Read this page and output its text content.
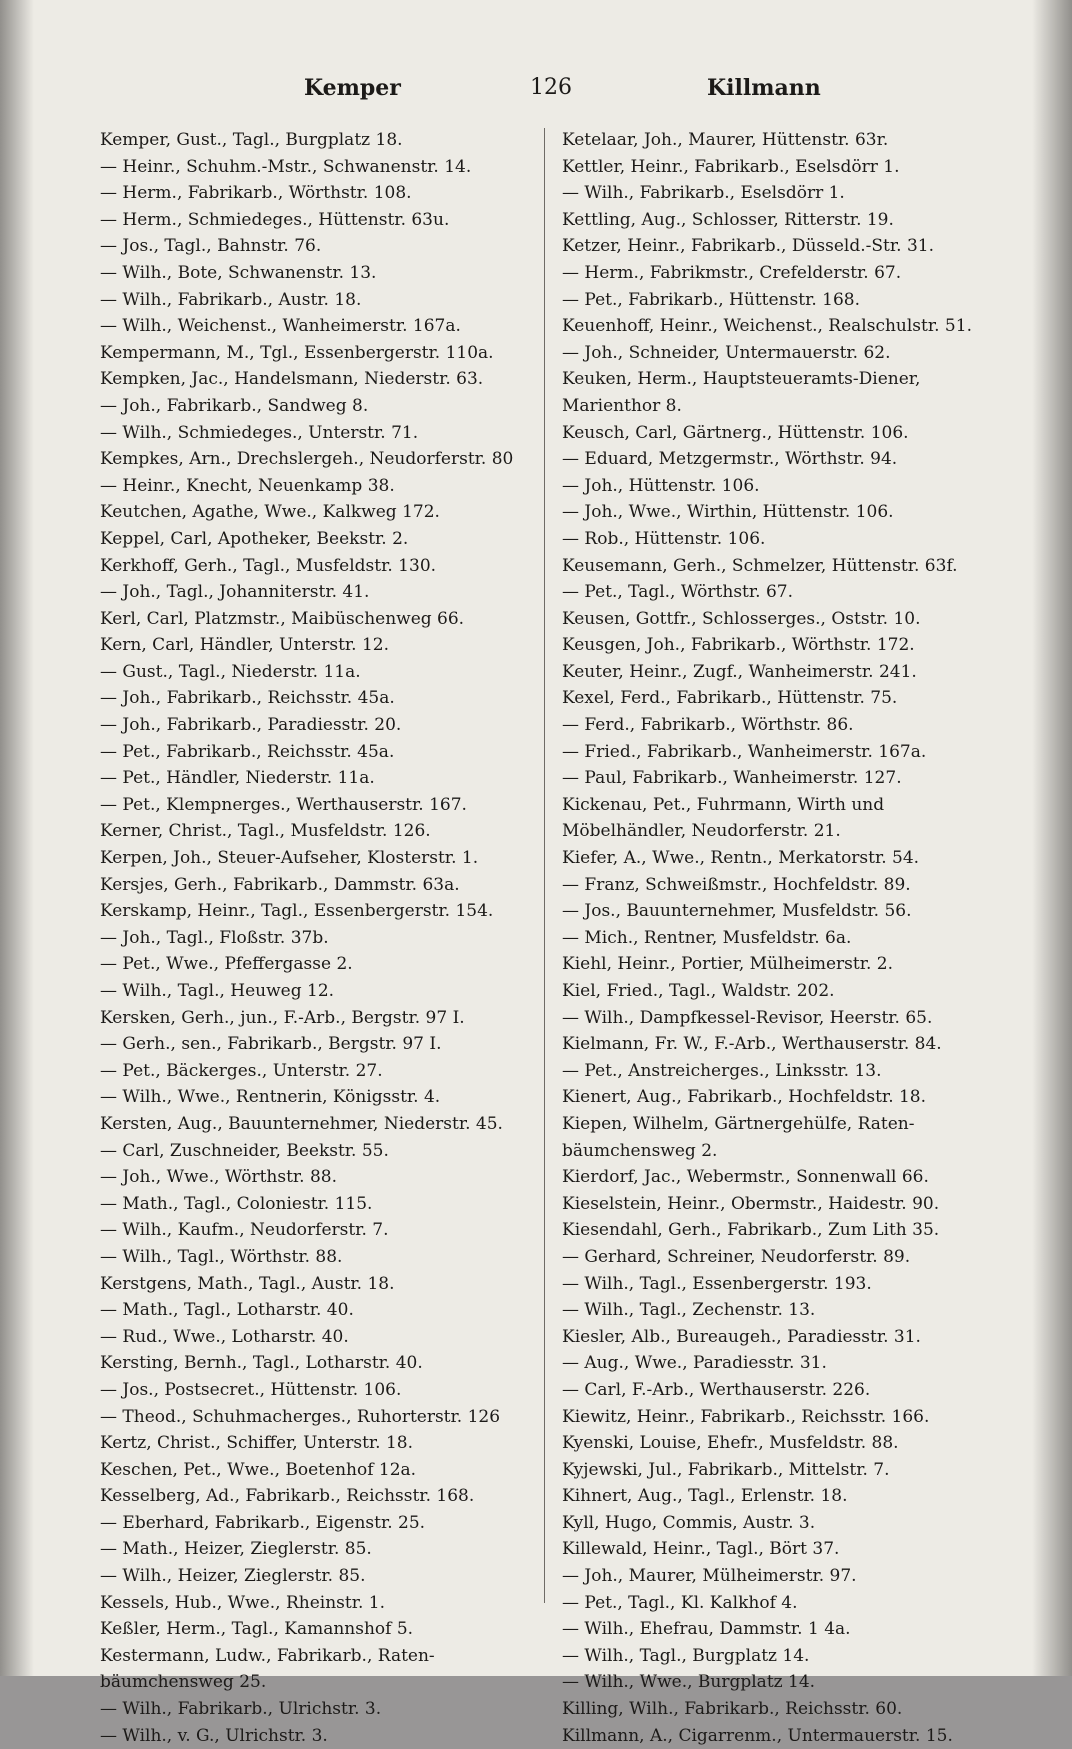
Kemper	126	Killmann
Kemper, Gust., Tagl., Burgplatz 18.
— Heinr., Schuhm.-Mstr., Schwanenstr. 14.
— Herm., Fabrikarb., Wörthstr. 108.
— Herm., Schmiedeges., Hüttenstr. 63u.
— Jos., Tagl., Bahnstr. 76.
— Wilh., Bote, Schwanenstr. 13.
— Wilh., Fabrikarb., Austr. 18.
— Wilh., Weichenst., Wanheimerstr. 167a.
Kempermann, M., Tgl., Essenbergerstr. 110a.
Kempken, Jac., Handelsmann, Niederstr. 63.
— Joh., Fabrikarb., Sandweg 8.
— Wilh., Schmiedeges., Unterstr. 71.
Kempkes, Arn., Drechslergeh., Neudorferstr. 80
— Heinr., Knecht, Neuenkamp 38.
Keutchen, Agathe, Wwe., Kalkweg 172.
Keppel, Carl, Apotheker, Beekstr. 2.
Kerkhoff, Gerh., Tagl., Musfeldstr. 130.
— Joh., Tagl., Johanniterstr. 41.
Kerl, Carl, Platzmstr., Maibüschenweg 66.
Kern, Carl, Händler, Unterstr. 12.
— Gust., Tagl., Niederstr. 11a.
— Joh., Fabrikarb., Reichsstr. 45a.
— Joh., Fabrikarb., Paradiesstr. 20.
— Pet., Fabrikarb., Reichsstr. 45a.
— Pet., Händler, Niederstr. 11a.
— Pet., Klempnerges., Werthauserstr. 167.
Kerner, Christ., Tagl., Musfeldstr. 126.
Kerpen, Joh., Steuer-Aufseher, Klosterstr. 1.
Kersjes, Gerh., Fabrikarb., Dammstr. 63a.
Kerskamp, Heinr., Tagl., Essenbergerstr. 154.
— Joh., Tagl., Floßstr. 37b.
— Pet., Wwe., Pfeffergasse 2.
— Wilh., Tagl., Heuweg 12.
Kersken, Gerh., jun., F.-Arb., Bergstr. 97 I.
— Gerh., sen., Fabrikarb., Bergstr. 97 I.
— Pet., Bäckerges., Unterstr. 27.
— Wilh., Wwe., Rentnerin, Königsstr. 4.
Kersten, Aug., Bauunternehmer, Niederstr. 45.
— Carl, Zuschneider, Beekstr. 55.
— Joh., Wwe., Wörthstr. 88.
— Math., Tagl., Coloniestr. 115.
— Wilh., Kaufm., Neudorferstr. 7.
— Wilh., Tagl., Wörthstr. 88.
Kerstgens, Math., Tagl., Austr. 18.
— Math., Tagl., Lotharstr. 40.
— Rud., Wwe., Lotharstr. 40.
Kersting, Bernh., Tagl., Lotharstr. 40.
— Jos., Postsecret., Hüttenstr. 106.
— Theod., Schuhmacherges., Ruhorterstr. 126
Kertz, Christ., Schiffer, Unterstr. 18.
Keschen, Pet., Wwe., Boetenhof 12a.
Kesselberg, Ad., Fabrikarb., Reichsstr. 168.
— Eberhard, Fabrikarb., Eigenstr. 25.
— Math., Heizer, Zieglerstr. 85.
— Wilh., Heizer, Zieglerstr. 85.
Kessels, Hub., Wwe., Rheinstr. 1.
Keßler, Herm., Tagl., Kamannshof 5.
Kestermann, Ludw., Fabrikarb., Raten-
bäumchensweg 25.
— Wilh., Fabrikarb., Ulrichstr. 3.
— Wilh., v. G., Ulrichstr. 3.
Ketelaar, Joh., Maurer, Hüttenstr. 63r.
Kettler, Heinr., Fabrikarb., Eselsdörr 1.
— Wilh., Fabrikarb., Eselsdörr 1.
Kettling, Aug., Schlosser, Ritterstr. 19.
Ketzer, Heinr., Fabrikarb., Düsseld.-Str. 31.
— Herm., Fabrikmstr., Crefelderstr. 67.
— Pet., Fabrikarb., Hüttenstr. 168.
Keuenhoff, Heinr., Weichenst., Realschulstr. 51.
— Joh., Schneider, Untermauerstr. 62.
Keuken, Herm., Hauptsteueramts-Diener,
Marienthor 8.
Keusch, Carl, Gärtnerg., Hüttenstr. 106.
— Eduard, Metzgermstr., Wörthstr. 94.
— Joh., Hüttenstr. 106.
— Joh., Wwe., Wirthin, Hüttenstr. 106.
— Rob., Hüttenstr. 106.
Keusemann, Gerh., Schmelzer, Hüttenstr. 63f.
— Pet., Tagl., Wörthstr. 67.
Keusen, Gottfr., Schlosserges., Oststr. 10.
Keusgen, Joh., Fabrikarb., Wörthstr. 172.
Keuter, Heinr., Zugf., Wanheimerstr. 241.
Kexel, Ferd., Fabrikarb., Hüttenstr. 75.
— Ferd., Fabrikarb., Wörthstr. 86.
— Fried., Fabrikarb., Wanheimerstr. 167a.
— Paul, Fabrikarb., Wanheimerstr. 127.
Kickenau, Pet., Fuhrmann, Wirth und
Möbelhändler, Neudorferstr. 21.
Kiefer, A., Wwe., Rentn., Merkatorstr. 54.
— Franz, Schweißmstr., Hochfeldstr. 89.
— Jos., Bauunternehmer, Musfeldstr. 56.
— Mich., Rentner, Musfeldstr. 6a.
Kiehl, Heinr., Portier, Mülheimerstr. 2.
Kiel, Fried., Tagl., Waldstr. 202.
— Wilh., Dampfkessel-Revisor, Heerstr. 65.
Kielmann, Fr. W., F.-Arb., Werthauserstr. 84.
— Pet., Anstreicherges., Linksstr. 13.
Kienert, Aug., Fabrikarb., Hochfeldstr. 18.
Kiepen, Wilhelm, Gärtnergehülfe, Raten-
bäumchensweg 2.
Kierdorf, Jac., Webermstr., Sonnenwall 66.
Kieselstein, Heinr., Obermstr., Haidestr. 90.
Kiesendahl, Gerh., Fabrikarb., Zum Lith 35.
— Gerhard, Schreiner, Neudorferstr. 89.
— Wilh., Tagl., Essenbergerstr. 193.
— Wilh., Tagl., Zechenstr. 13.
Kiesler, Alb., Bureaugeh., Paradiesstr. 31.
— Aug., Wwe., Paradiesstr. 31.
— Carl, F.-Arb., Werthauserstr. 226.
Kiewitz, Heinr., Fabrikarb., Reichsstr. 166.
Kyenski, Louise, Ehefr., Musfeldstr. 88.
Kyjewski, Jul., Fabrikarb., Mittelstr. 7.
Kihnert, Aug., Tagl., Erlenstr. 18.
Kyll, Hugo, Commis, Austr. 3.
Killewald, Heinr., Tagl., Bört 37.
— Joh., Maurer, Mülheimerstr. 97.
— Pet., Tagl., Kl. Kalkhof 4.
— Wilh., Ehefrau, Dammstr. 1 4a.
— Wilh., Tagl., Burgplatz 14.
— Wilh., Wwe., Burgplatz 14.
Killing, Wilh., Fabrikarb., Reichsstr. 60.
Killmann, A., Cigarrenm., Untermauerstr. 15.
